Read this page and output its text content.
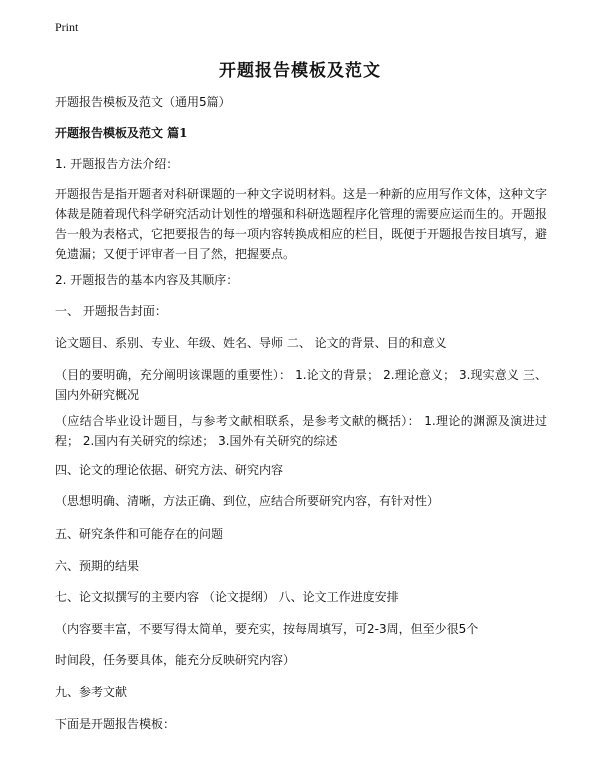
Print
开题报告模板及范文
开题报告模板及范文（通用5篇）
开题报告模板及范文 篇1
1. 开题报告方法介绍：
开题报告是指开题者对科研课题的一种文字说明材料。这是一种新的应用写作文体，这种文字体裁是随着现代科学研究活动计划性的增强和科研选题程序化管理的需要应运而生的。开题报告一般为表格式，它把要报告的每一项内容转换成相应的栏目，既便于开题报告按目填写，避免遗漏；又便于评审者一目了然，把握要点。
2. 开题报告的基本内容及其顺序：
一、 开题报告封面：
论文题目、系别、专业、年级、姓名、导师 二、 论文的背景、目的和意义
（目的要明确，充分阐明该课题的重要性）： 1.论文的背景； 2.理论意义； 3.现实意义 三、国内外研究概况
（应结合毕业设计题目，与参考文献相联系，是参考文献的概括）： 1.理论的渊源及演进过程； 2.国内有关研究的综述； 3.国外有关研究的综述
四、论文的理论依据、研究方法、研究内容
（思想明确、清晰，方法正确、到位，应结合所要研究内容，有针对性）
五、研究条件和可能存在的问题
六、预期的结果
七、论文拟撰写的主要内容 （论文提纲） 八、论文工作进度安排
（内容要丰富，不要写得太简单，要充实，按每周填写，可2-3周，但至少很5个
时间段，任务要具体，能充分反映研究内容）
九、参考文献
下面是开题报告模板：
